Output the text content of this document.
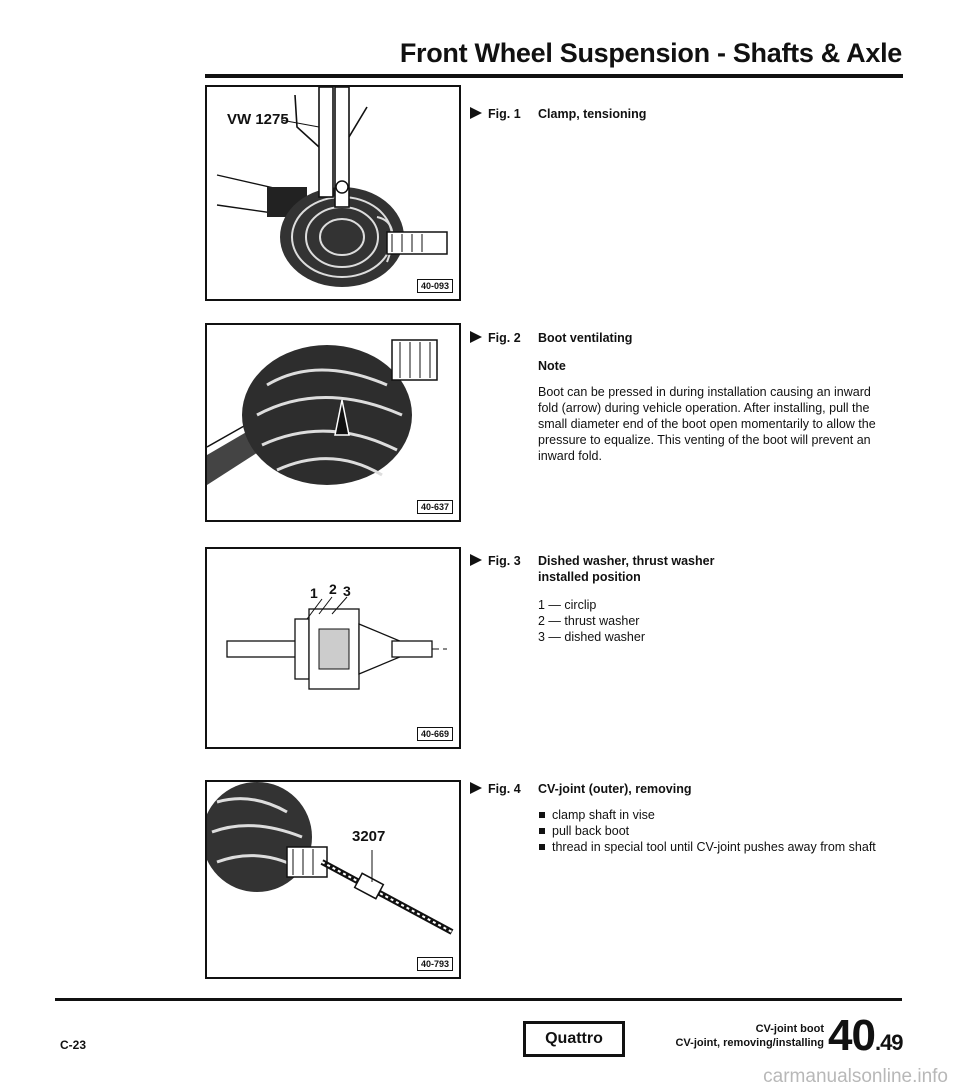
Front Wheel Suspension - Shafts & Axle
VW 1275
40-093
Fig. 1	Clamp, tensioning
40-637
Fig. 2	Boot ventilating
Note

Boot can be pressed in during installation causing an inward fold (arrow) during vehicle operation. After installing, pull the small diameter end of the boot open momentarily to allow the pressure to equalize. This venting of the boot will prevent an inward fold.

1 2 3
40-669
Fig. 3	Dished washer, thrust washer
installed position
1 — circlip
2 — thrust washer
3 — dished washer
3207
40-793
Fig. 4	CV-joint (outer), removing
clamp shaft in vise
pull back boot
thread in special tool until CV-joint pushes away from shaft
C-23	Quattro
CV-joint boot
CV-joint, removing/installing 40.49
carmanualsonline.info
